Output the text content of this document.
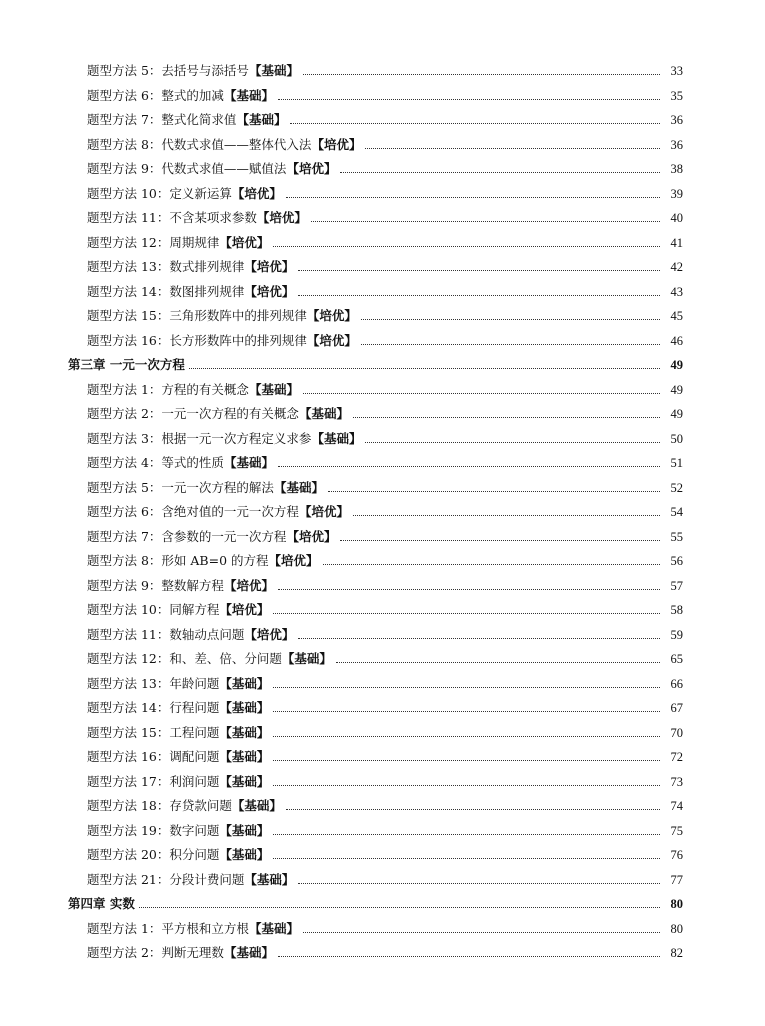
题型方法 5：去括号与添括号 【基础】	33
题型方法 6：整式的加减 【基础】	35
题型方法 7：整式化简求值 【基础】	36
题型方法 8：代数式求值——整体代入法 【培优】	36
题型方法 9：代数式求值——赋值法 【培优】	38
题型方法 10：定义新运算 【培优】	39
题型方法 11：不含某项求参数 【培优】	40
题型方法 12：周期规律 【培优】	41
题型方法 13：数式排列规律 【培优】	42
题型方法 14：数图排列规律 【培优】	43
题型方法 15：三角形数阵中的排列规律 【培优】	45
题型方法 16：长方形数阵中的排列规律 【培优】	46
第三章 一元一次方程	49
题型方法 1：方程的有关概念 【基础】	49
题型方法 2：一元一次方程的有关概念 【基础】	49
题型方法 3：根据一元一次方程定义求参 【基础】	50
题型方法 4：等式的性质 【基础】	51
题型方法 5：一元一次方程的解法 【基础】	52
题型方法 6：含绝对值的一元一次方程 【培优】	54
题型方法 7：含参数的一元一次方程 【培优】	55
题型方法 8：形如 AB=0 的方程 【培优】	56
题型方法 9：整数解方程 【培优】	57
题型方法 10：同解方程 【培优】	58
题型方法 11：数轴动点问题 【培优】	59
题型方法 12：和、差、倍、分问题 【基础】	65
题型方法 13：年龄问题 【基础】	66
题型方法 14：行程问题 【基础】	67
题型方法 15：工程问题 【基础】	70
题型方法 16：调配问题 【基础】	72
题型方法 17：利润问题 【基础】	73
题型方法 18：存贷款问题 【基础】	74
题型方法 19：数字问题 【基础】	75
题型方法 20：积分问题 【基础】	76
题型方法 21：分段计费问题 【基础】	77
第四章 实数	80
题型方法 1：平方根和立方根 【基础】	80
题型方法 2：判断无理数 【基础】	82
